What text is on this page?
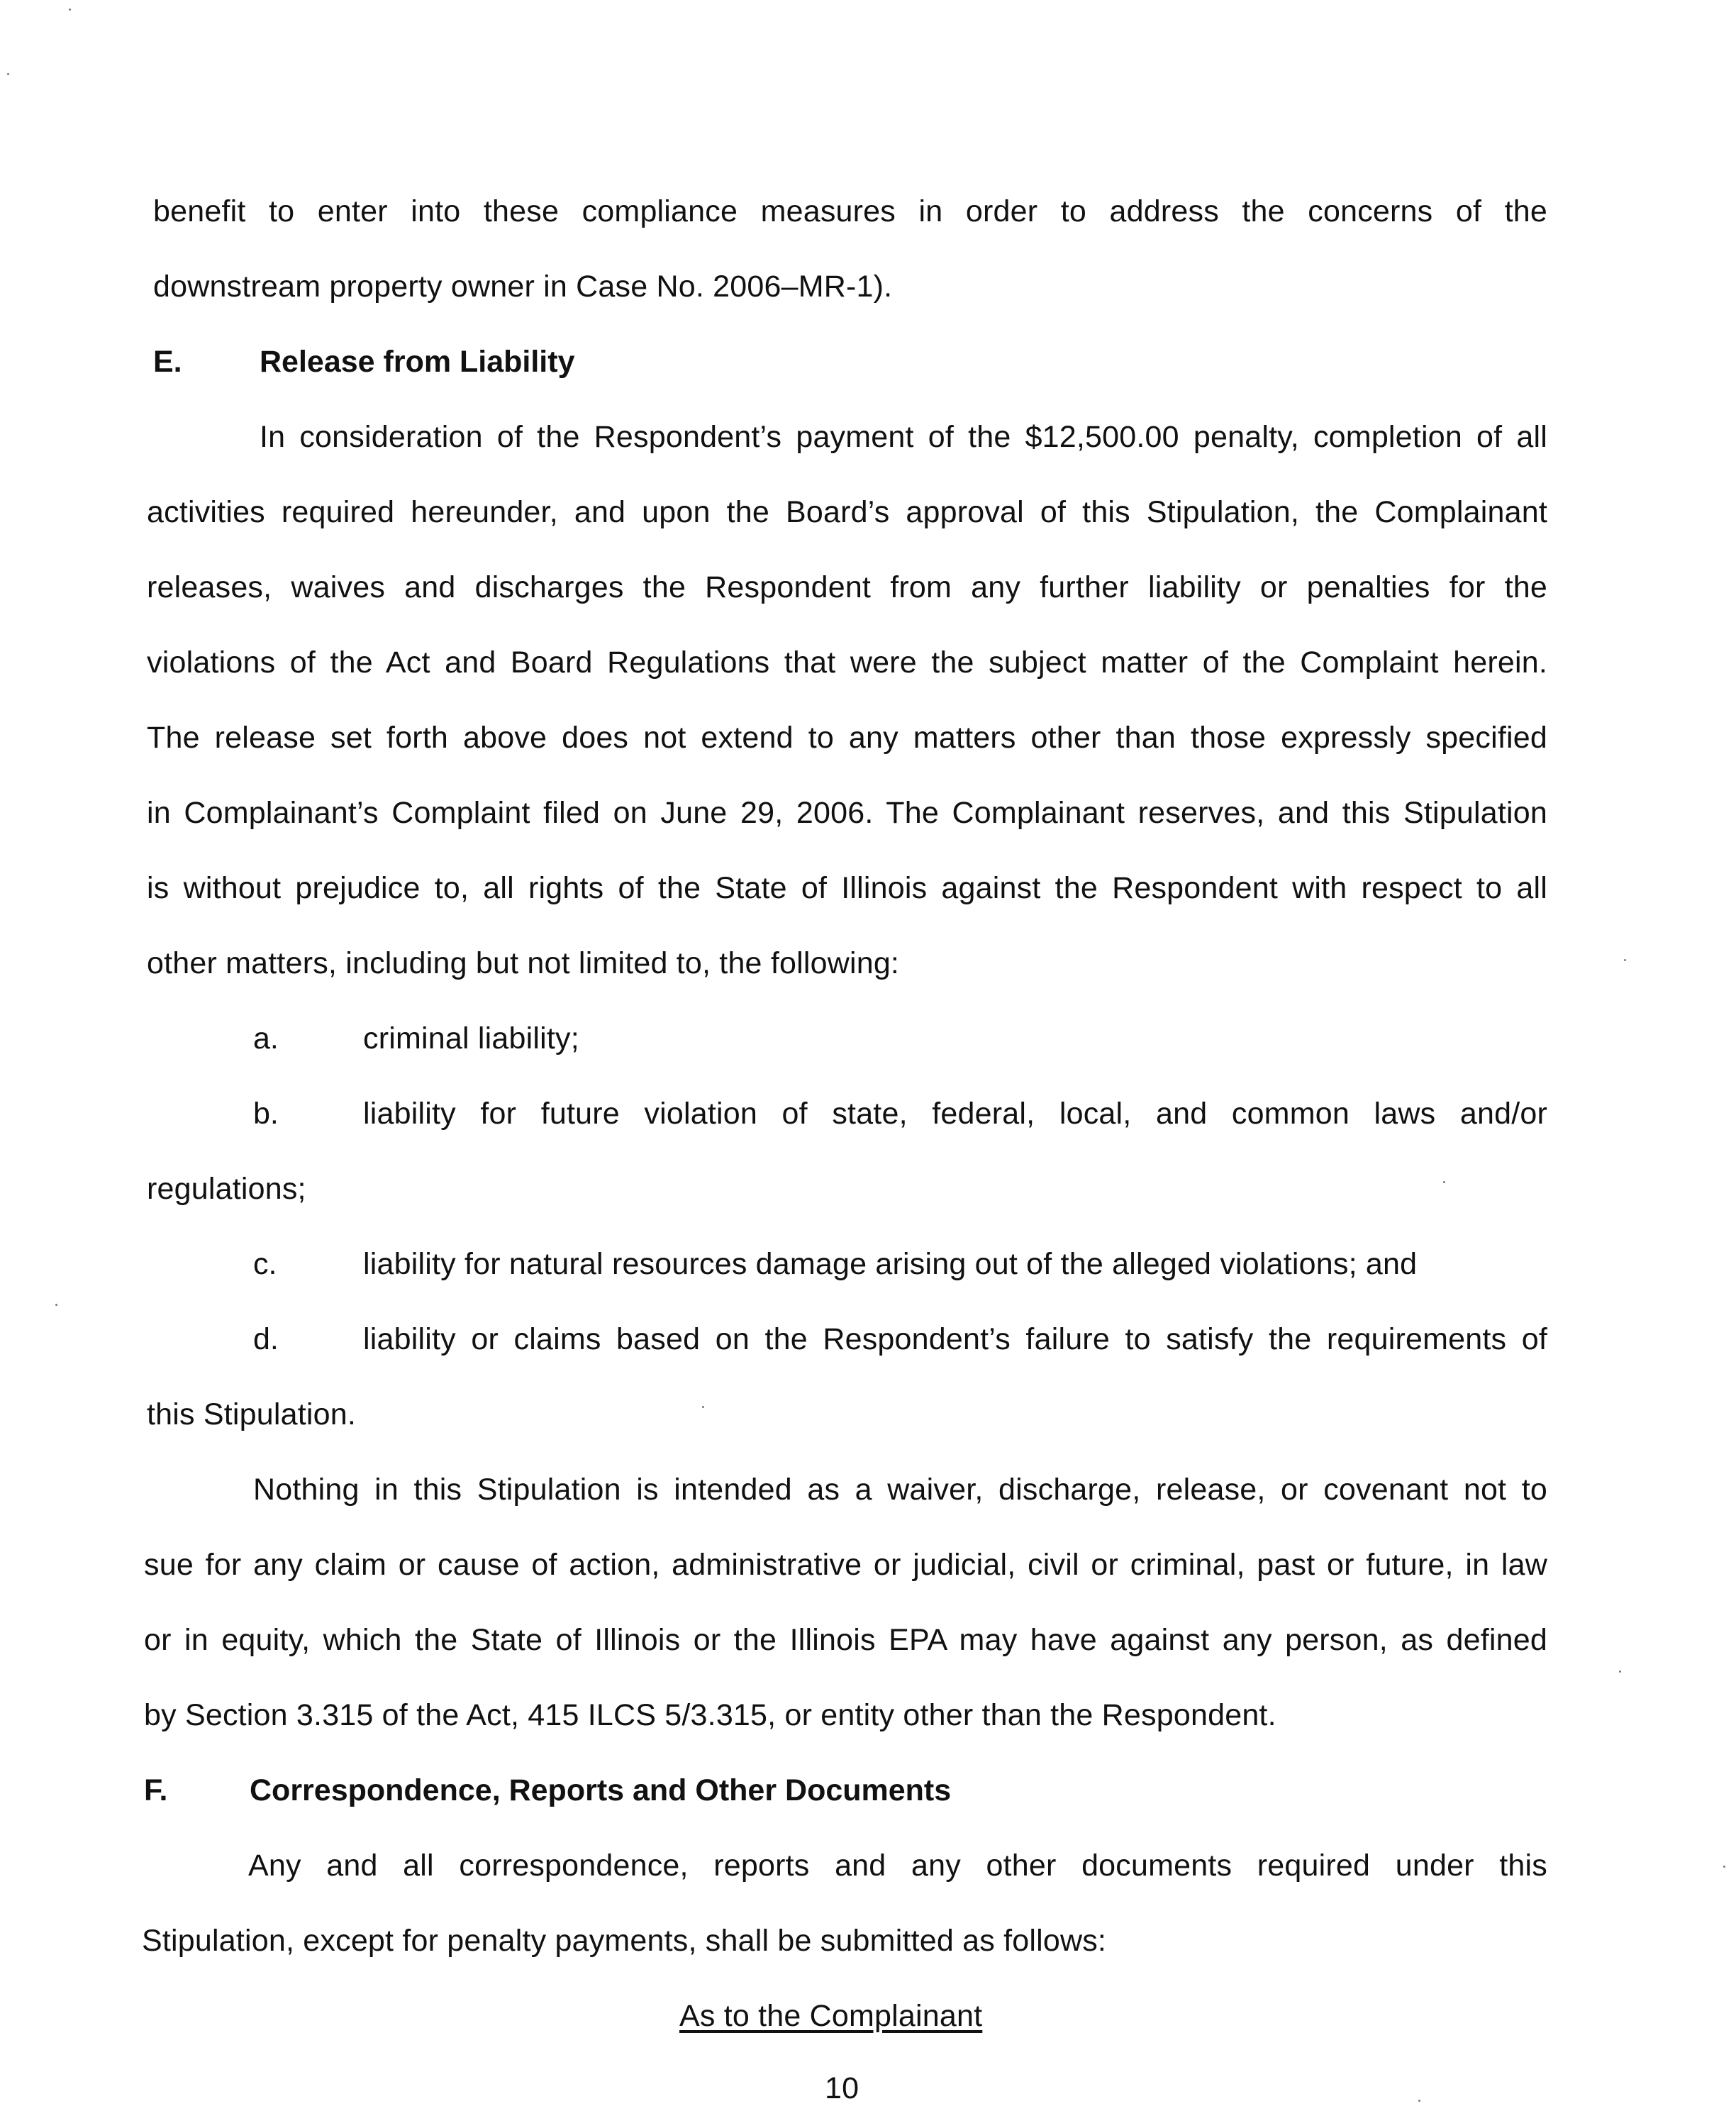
benefit to enter into these compliance measures in order to address the concerns of the
downstream property owner in Case No. 2006–MR-1).
E.	Release from Liability
In consideration of the Respondent’s payment of the $12,500.00 penalty, completion of all
activities required hereunder, and upon the Board’s approval of this Stipulation, the Complainant
releases, waives and discharges the Respondent from any further liability or penalties for the
violations of the Act and Board Regulations that were the subject matter of the Complaint herein.
The release set forth above does not extend to any matters other than those expressly specified
in Complainant’s Complaint filed on June 29, 2006. The Complainant reserves, and this Stipulation
is without prejudice to, all rights of the State of Illinois against the Respondent with respect to all
other matters, including but not limited to, the following:
a.	criminal liability;
b.	liability for future violation of state, federal, local, and common laws and/or
regulations;
c.	liability for natural resources damage arising out of the alleged violations; and
d.	liability or claims based on the Respondent’s failure to satisfy the requirements of
this Stipulation.
Nothing in this Stipulation is intended as a waiver, discharge, release, or covenant not to
sue for any claim or cause of action, administrative or judicial, civil or criminal, past or future, in law
or in equity, which the State of Illinois or the Illinois EPA may have against any person, as defined
by Section 3.315 of the Act, 415 ILCS 5/3.315, or entity other than the Respondent.
F.	Correspondence, Reports and Other Documents
Any and all correspondence, reports and any other documents required under this
Stipulation, except for penalty payments, shall be submitted as follows:
As to the Complainant
10
